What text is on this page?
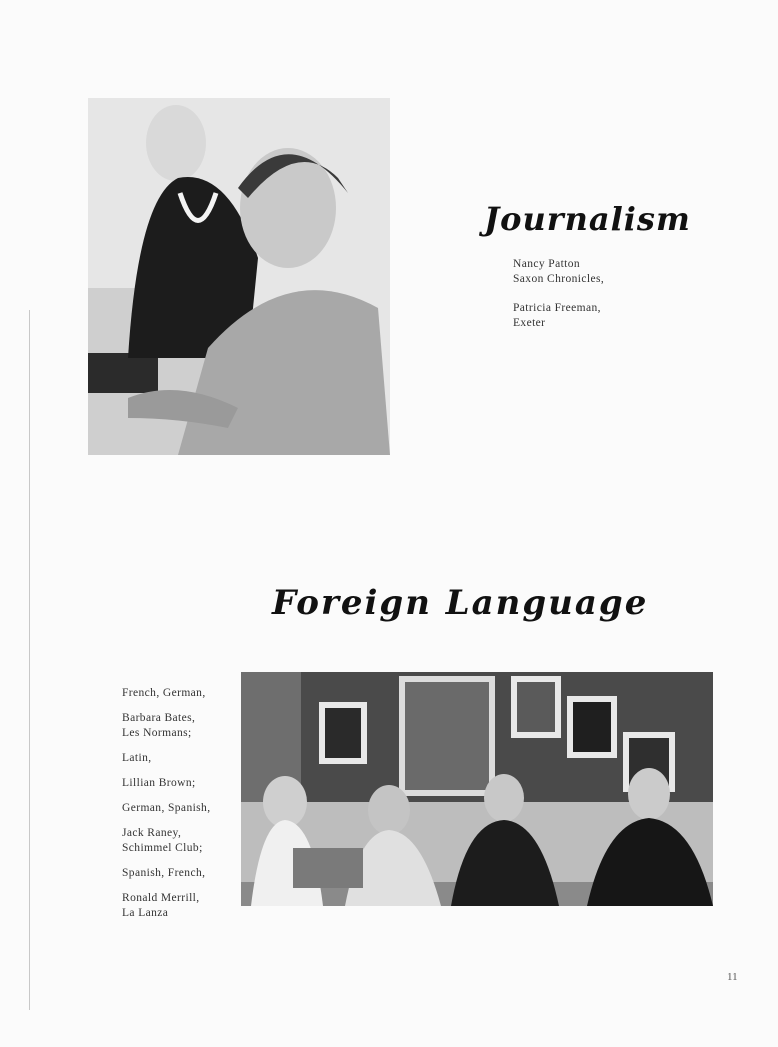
Journalism

Nancy Patton

Saxon Chronicles,

Patricia Freeman,

Exeter

Foreign Language
French, German,
Barbara Bates,
Les Normans;
Latin,
Lillian Brown;
German, Spanish,
Jack Raney,
Schimmel Club;
Spanish, French,
Ronald Merrill,
La Lanza
11
